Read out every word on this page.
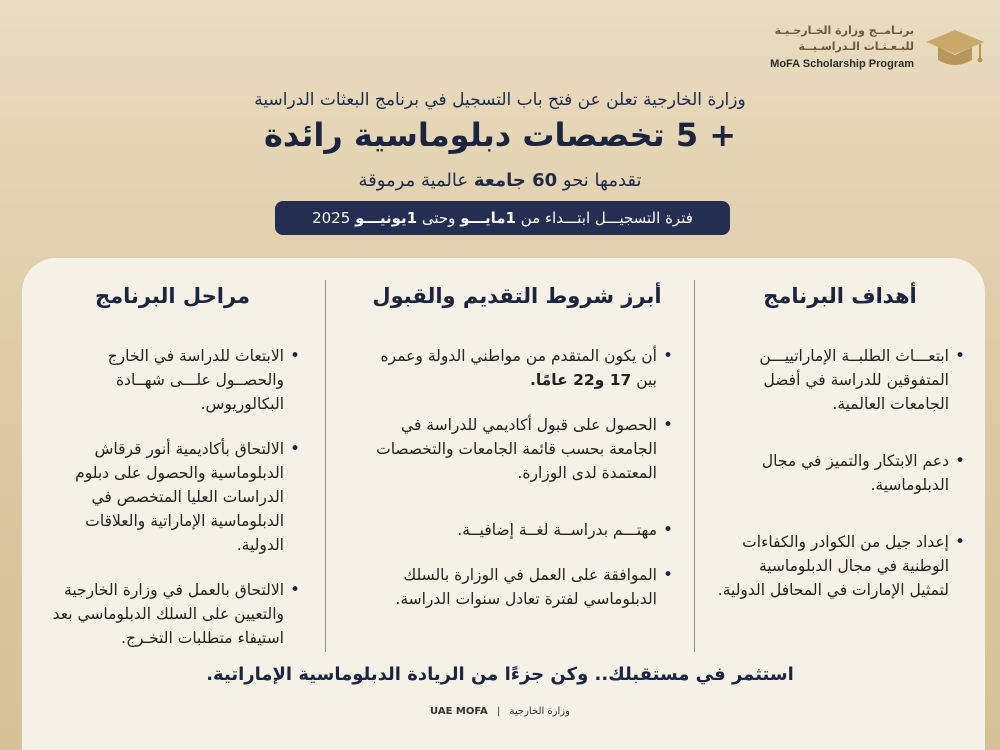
برنـامــج وزارة الخـارجـيـة
للبـعـثـات الـدراسـيــة
MoFA Scholarship Program
وزارة الخارجية تعلن عن فتح باب التسجيل في برنامج البعثات الدراسية
+ 5 تخصصات دبلوماسية رائدة
تقدمها نحو 60 جامعة عالمية مرموقة
فترة التسجيـــل ابتـــداء من

1مايـــو

وحتى

1يونيـــو

2025
أهداف البرنامج
• ابتعـــاث الطلبــة الإماراتييـــن المتفوقين للدراسة في أفضل الجامعات العالمية.
• دعم الابتكار والتميز في مجال الدبلوماسية.
• إعداد جيل من الكوادر والكفاءات الوطنية في مجال الدبلوماسية لتمثيل الإمارات في المحافل الدولية.
أبرز شروط التقديم والقبول
• أن يكون المتقدم من مواطني الدولة وعمره بين 17 و22 عامًا.
• الحصول على قبول أكاديمي للدراسة في الجامعة بحسب قائمة الجامعات والتخصصات المعتمدة لدى الوزارة.
• مهتـــم بدراســة لغــة إضافيــة.
• الموافقة على العمل في الوزارة بالسلك الدبلوماسي لفترة تعادل سنوات الدراسة.
مراحل البرنامج
• الابتعاث للدراسة في الخارج والحصــول علـــى شهــادة البكالوريوس.
• الالتحاق بأكاديمية أنور قرقاش الدبلوماسية والحصول على دبلوم الدراسات العليا المتخصص في الدبلوماسية الإماراتية والعلاقات الدولية.
• الالتحاق بالعمل في وزارة الخارجية والتعيين على السلك الدبلوماسي بعد استيفاء متطلبات التخـرج.
استثمر في مستقبلك.. وكن جزءًا من الريادة الدبلوماسية الإماراتية.
UAE MOFA | وزارة الخارجية
